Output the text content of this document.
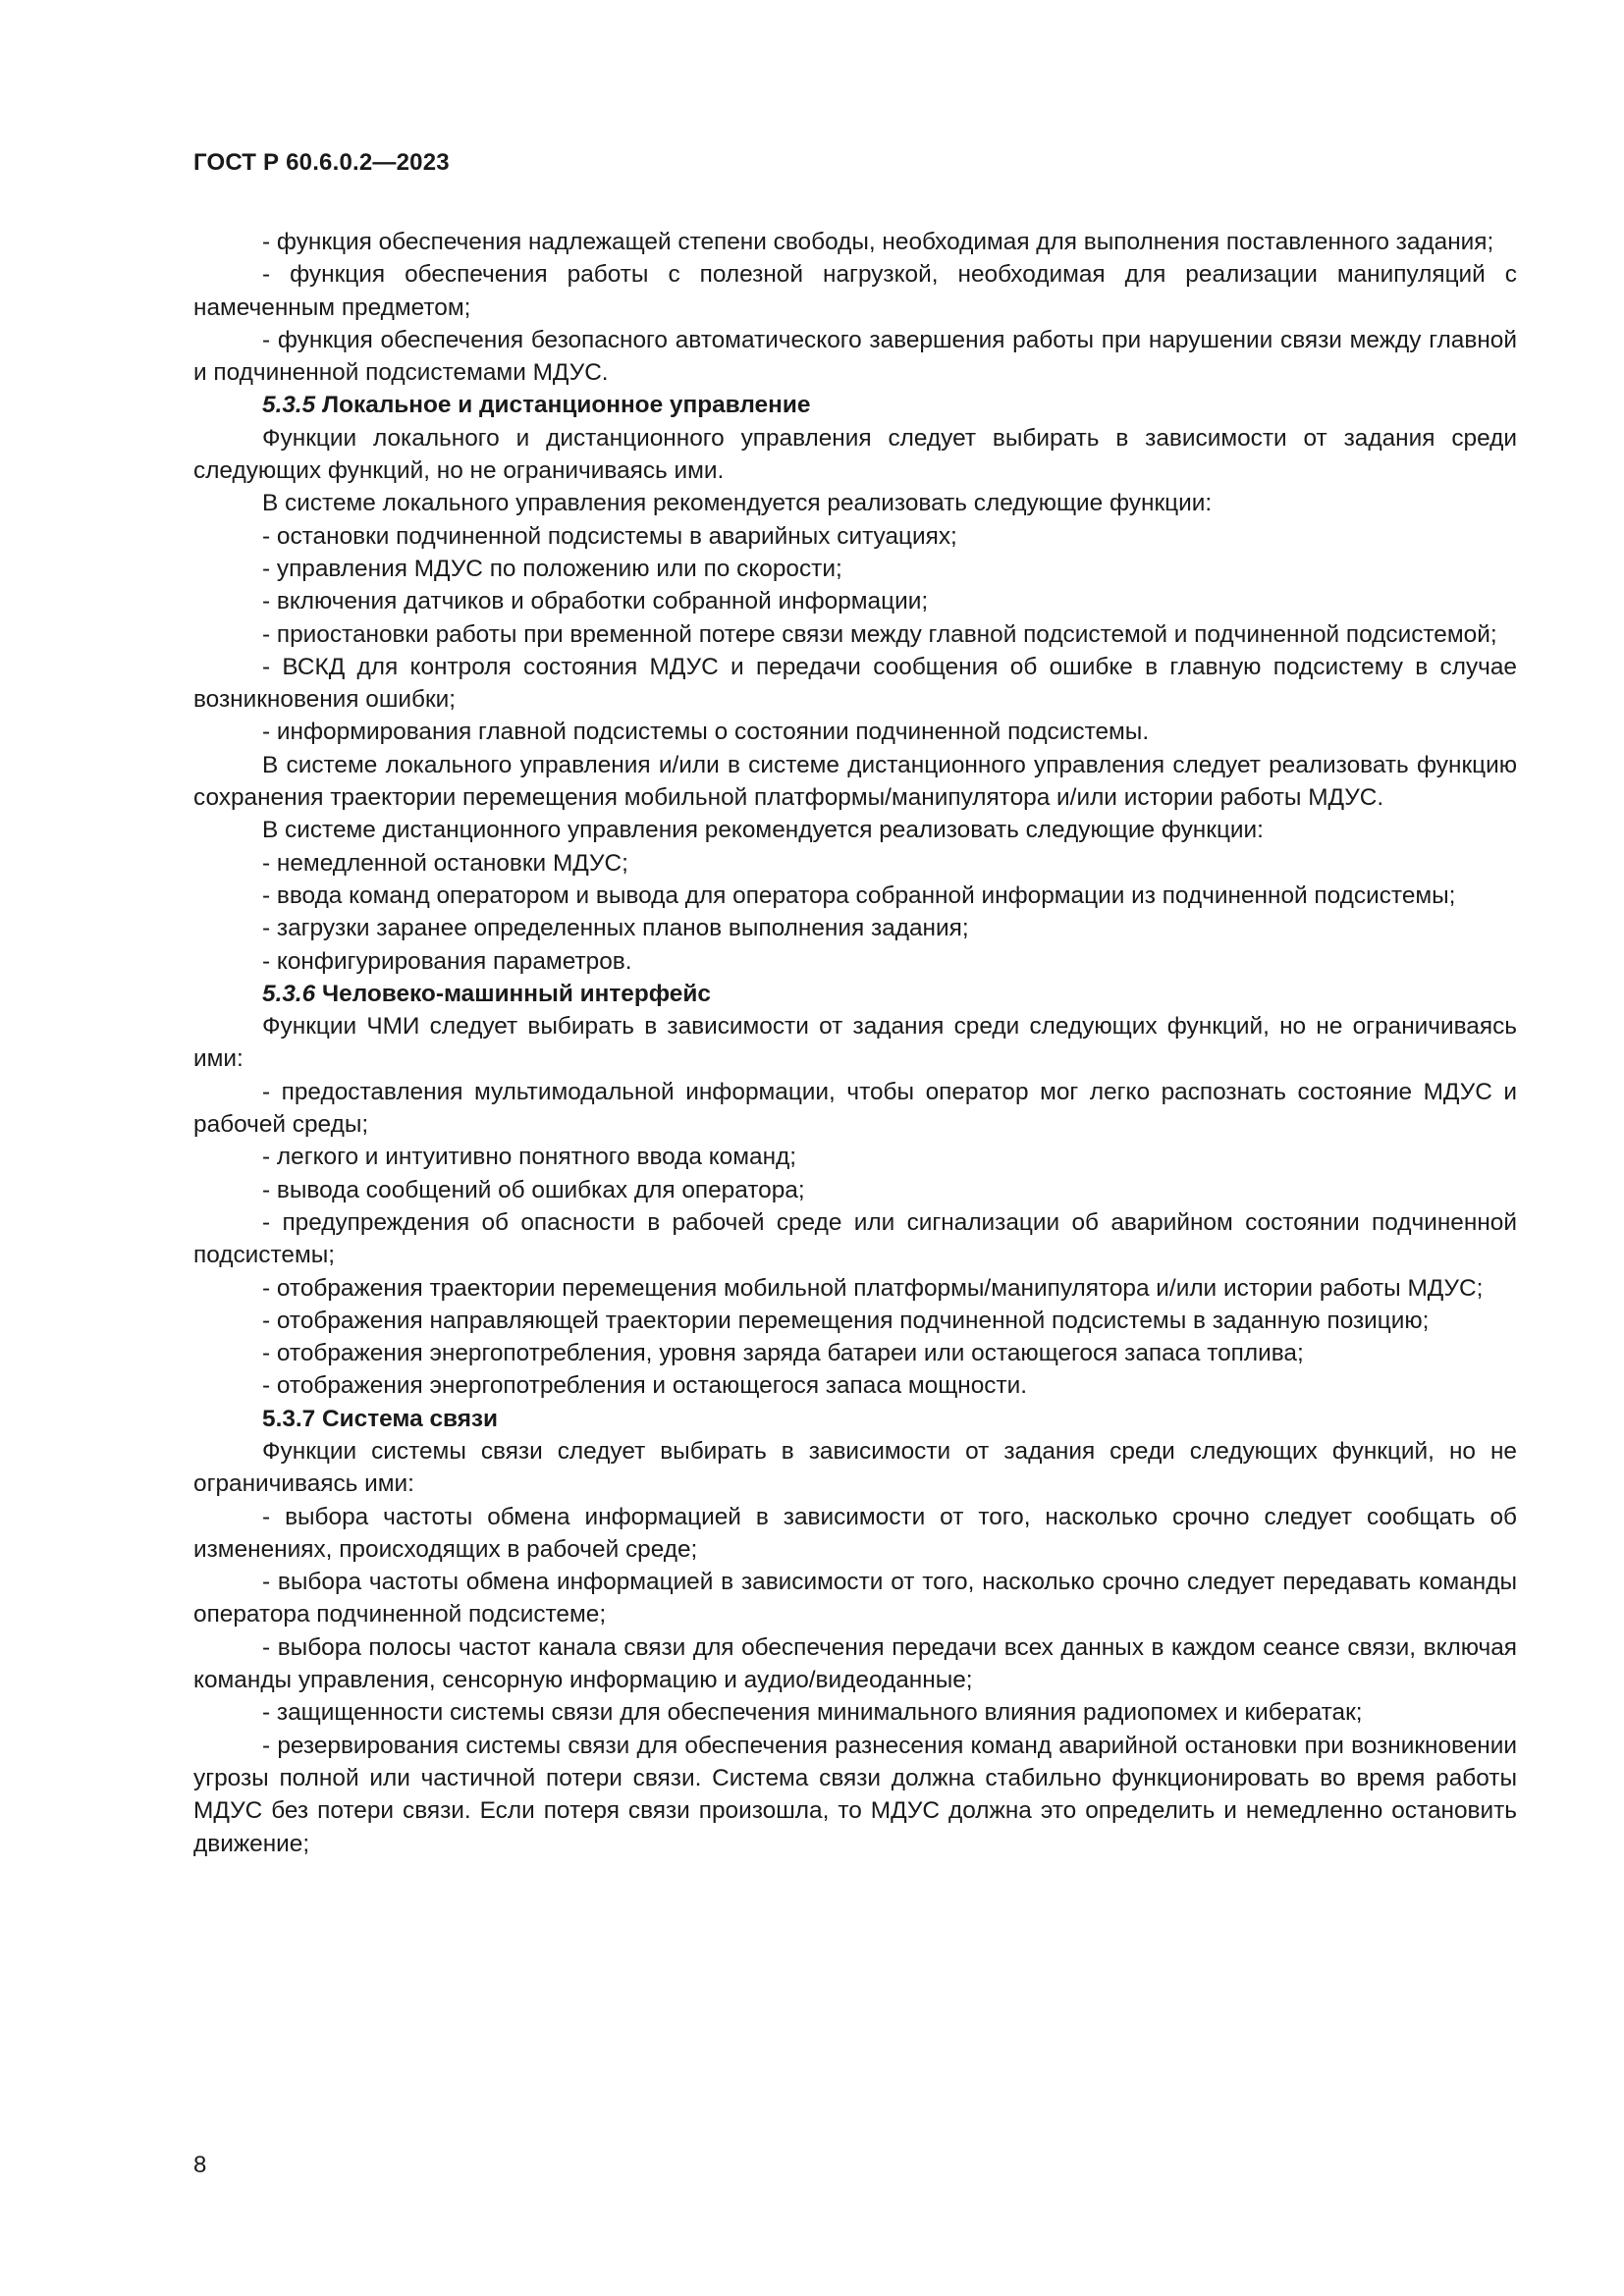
ГОСТ Р 60.6.0.2—2023

- функция обеспечения надлежащей степени свободы, необходимая для выполнения поставленного задания;

- функция обеспечения работы с полезной нагрузкой, необходимая для реализации манипуляций с намеченным предметом;

- функция обеспечения безопасного автоматического завершения работы при нарушении связи между главной и подчиненной подсистемами МДУС.

5.3.5 Локальное и дистанционное управление

Функции локального и дистанционного управления следует выбирать в зависимости от задания среди следующих функций, но не ограничиваясь ими.

В системе локального управления рекомендуется реализовать следующие функции:

- остановки подчиненной подсистемы в аварийных ситуациях;

- управления МДУС по положению или по скорости;

- включения датчиков и обработки собранной информации;

- приостановки работы при временной потере связи между главной подсистемой и подчиненной подсистемой;

- ВСКД для контроля состояния МДУС и передачи сообщения об ошибке в главную подсистему в случае возникновения ошибки;

- информирования главной подсистемы о состоянии подчиненной подсистемы.

В системе локального управления и/или в системе дистанционного управления следует реализовать функцию сохранения траектории перемещения мобильной платформы/манипулятора и/или истории работы МДУС.

В системе дистанционного управления рекомендуется реализовать следующие функции:

- немедленной остановки МДУС;

- ввода команд оператором и вывода для оператора собранной информации из подчиненной подсистемы;

- загрузки заранее определенных планов выполнения задания;

- конфигурирования параметров.

5.3.6 Человеко-машинный интерфейс

Функции ЧМИ следует выбирать в зависимости от задания среди следующих функций, но не ограничиваясь ими:

- предоставления мультимодальной информации, чтобы оператор мог легко распознать состояние МДУС и рабочей среды;

- легкого и интуитивно понятного ввода команд;

- вывода сообщений об ошибках для оператора;

- предупреждения об опасности в рабочей среде или сигнализации об аварийном состоянии подчиненной подсистемы;

- отображения траектории перемещения мобильной платформы/манипулятора и/или истории работы МДУС;

- отображения направляющей траектории перемещения подчиненной подсистемы в заданную позицию;

- отображения энергопотребления, уровня заряда батареи или остающегося запаса топлива;

- отображения энергопотребления и остающегося запаса мощности.

5.3.7 Система связи

Функции системы связи следует выбирать в зависимости от задания среди следующих функций, но не ограничиваясь ими:

- выбора частоты обмена информацией в зависимости от того, насколько срочно следует сообщать об изменениях, происходящих в рабочей среде;

- выбора частоты обмена информацией в зависимости от того, насколько срочно следует передавать команды оператора подчиненной подсистеме;

- выбора полосы частот канала связи для обеспечения передачи всех данных в каждом сеансе связи, включая команды управления, сенсорную информацию и аудио/видеоданные;

- защищенности системы связи для обеспечения минимального влияния радиопомех и кибератак;

- резервирования системы связи для обеспечения разнесения команд аварийной остановки при возникновении угрозы полной или частичной потери связи. Система связи должна стабильно функционировать во время работы МДУС без потери связи. Если потеря связи произошла, то МДУС должна это определить и немедленно остановить движение;

8
